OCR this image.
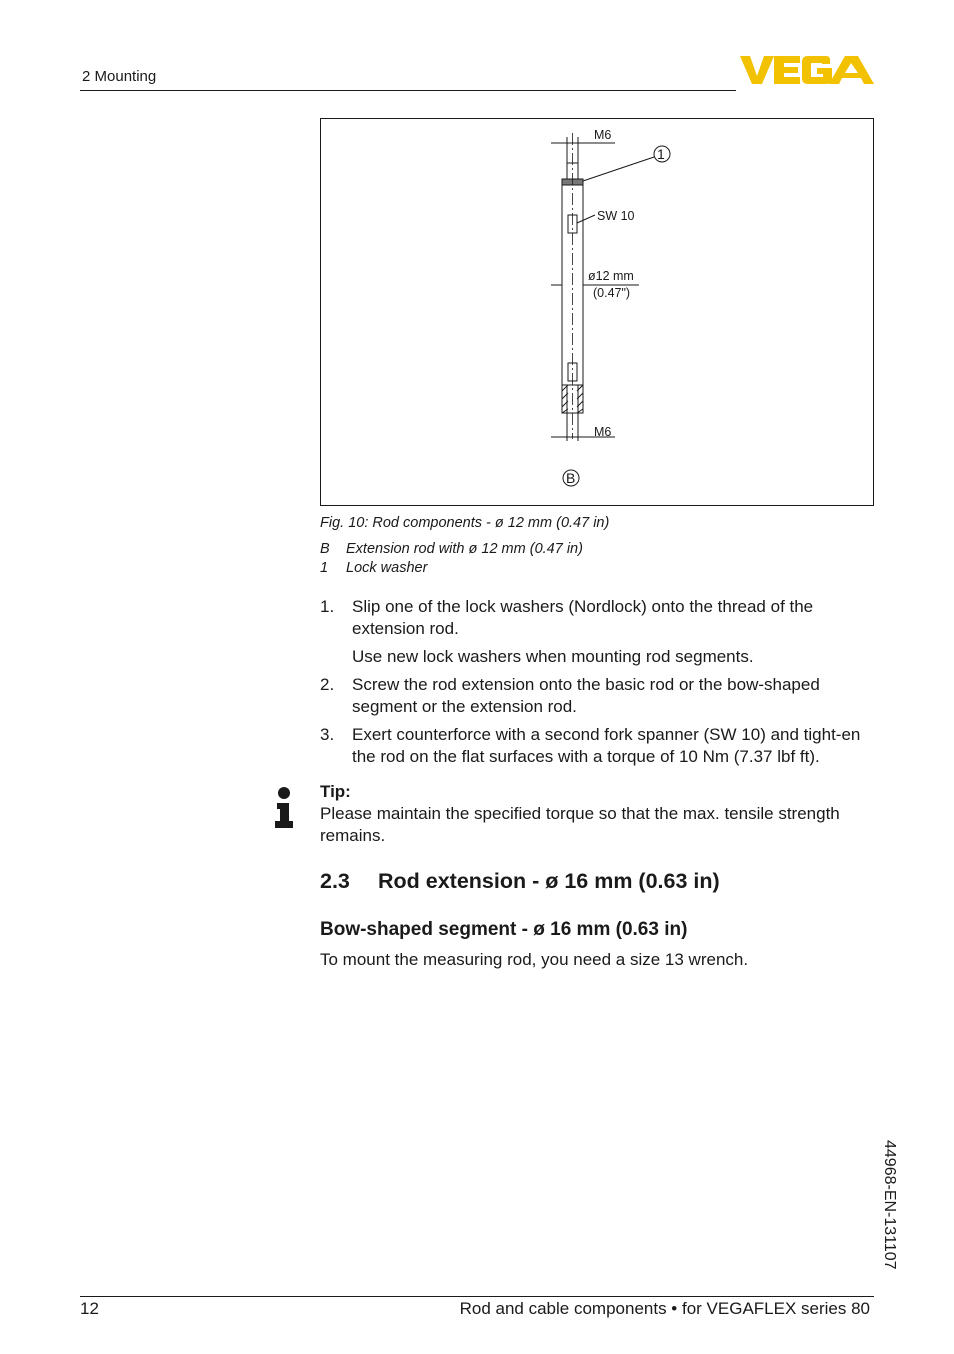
2 Mounting
M6
SW 10
ø12 mm
(0.47")
M6
1
B
Fig. 10: Rod components - ø 12 mm (0.47 in)
B Extension rod with ø 12 mm (0.47 in)
1 Lock washer
1. Slip one of the lock washers (Nordlock) onto the thread of the extension rod.
Use new lock washers when mounting rod segments.
2. Screw the rod extension onto the basic rod or the bow-shaped segment or the extension rod.
3. Exert counterforce with a second fork spanner (SW 10) and tight-en the rod on the flat surfaces with a torque of 10 Nm (7.37 lbf ft).
Tip:
Please maintain the specified torque so that the max. tensile strength remains.
2.3 Rod extension - ø 16 mm (0.63 in)
Bow-shaped segment - ø 16 mm (0.63 in)
To mount the measuring rod, you need a size 13 wrench.
44968-EN-131107
12	Rod and cable components • for VEGAFLEX series 80
